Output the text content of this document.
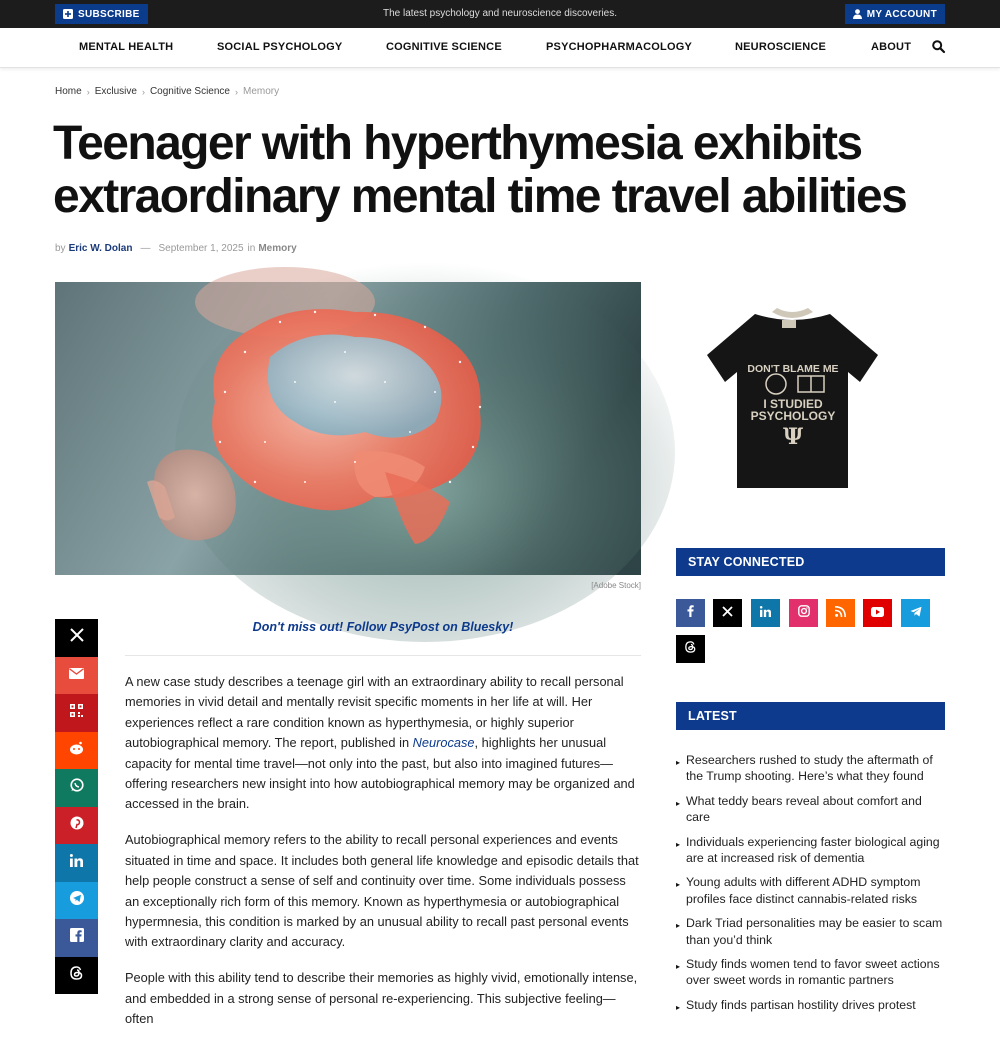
SUBSCRIBE	The latest psychology and neuroscience discoveries.	MY ACCOUNT
MENTAL HEALTH	SOCIAL PSYCHOLOGY	COGNITIVE SCIENCE	PSYCHOPHARMACOLOGY	NEUROSCIENCE	ABOUT
Home › Exclusive › Cognitive Science › Memory
Teenager with hyperthymesia exhibits extraordinary mental time travel abilities
by Eric W. Dolan — September 1, 2025 in Memory
[Adobe Stock]
Don't miss out! Follow PsyPost on Bluesky!

A new case study describes a teenage girl with an extraordinary ability to recall personal memories in vivid detail and mentally revisit specific moments in her life at will. Her experiences reflect a rare condition known as hyperthymesia, or highly superior autobiographical memory. The report, published in Neurocase, highlights her unusual capacity for mental time travel—not only into the past, but also into imagined futures—offering researchers new insight into how autobiographical memory may be organized and accessed in the brain.

Autobiographical memory refers to the ability to recall personal experiences and events situated in time and space. It includes both general life knowledge and episodic details that help people construct a sense of self and continuity over time. Some individuals possess an exceptionally rich form of this memory. Known as hyperthymesia or autobiographical hypermnesia, this condition is marked by an unusual ability to recall past personal events with extraordinary clarity and accuracy.

People with this ability tend to describe their memories as highly vivid, emotionally intense, and embedded in a strong sense of personal re-experiencing. This subjective feeling—often

DON'T BLAME ME
I STUDIED
PSYCHOLOGY
Ψ
STAY CONNECTED
LATEST
▸ Researchers rushed to study the aftermath of the Trump shooting. Here’s what they found
▸ What teddy bears reveal about comfort and care
▸ Individuals experiencing faster biological aging are at increased risk of dementia
▸ Young adults with different ADHD symptom profiles face distinct cannabis-related risks
▸ Dark Triad personalities may be easier to scam than you’d think
▸ Study finds women tend to favor sweet actions over sweet words in romantic partners
▸ Study finds partisan hostility drives protest
